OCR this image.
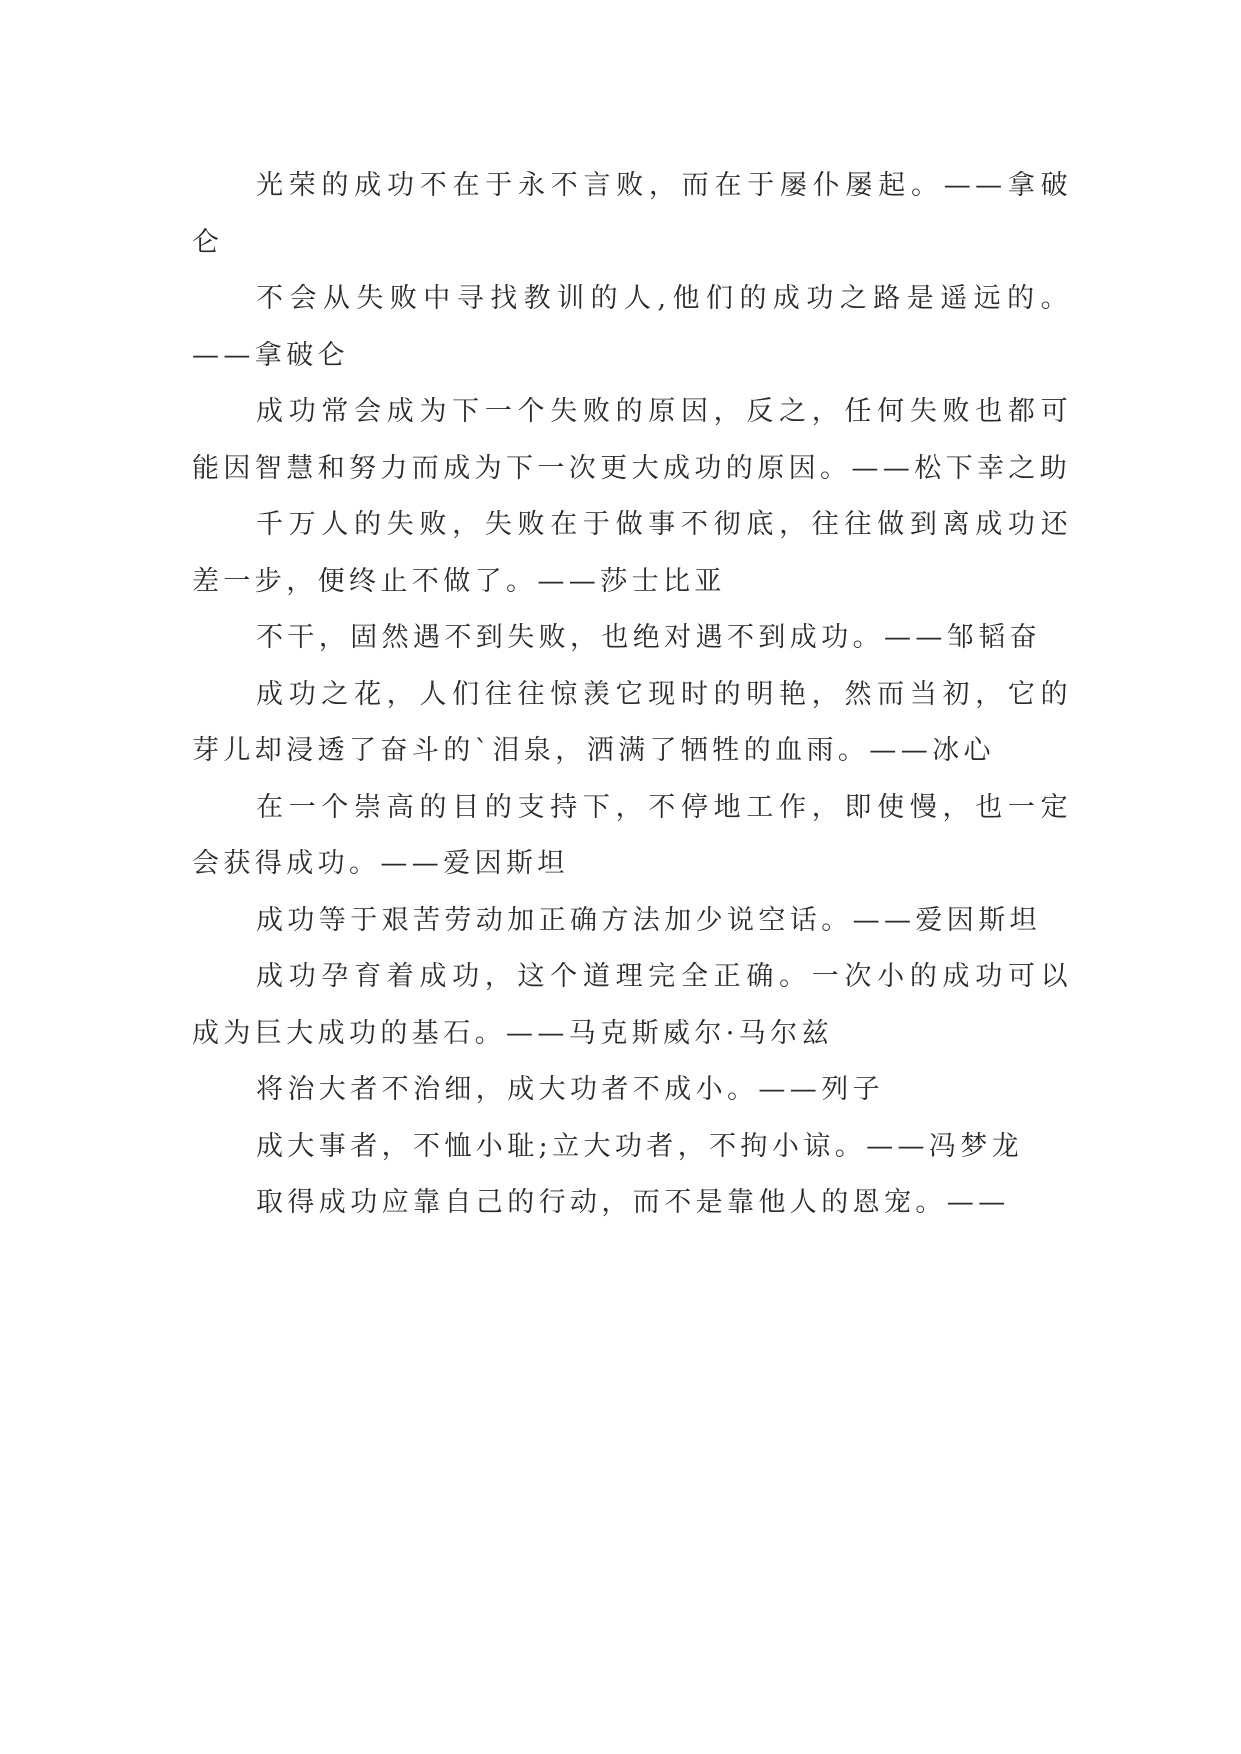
光荣的成功不在于永不言败，而在于屡仆屡起。——拿破仑

不会从失败中寻找教训的人,他们的成功之路是遥远的。——拿破仑

成功常会成为下一个失败的原因，反之，任何失败也都可能因智慧和努力而成为下一次更大成功的原因。——松下幸之助

千万人的失败，失败在于做事不彻底，往往做到离成功还差一步，便终止不做了。——莎士比亚

不干，固然遇不到失败，也绝对遇不到成功。——邹韬奋

成功之花，人们往往惊羡它现时的明艳，然而当初，它的芽儿却浸透了奋斗的`泪泉，洒满了牺牲的血雨。——冰心

在一个崇高的目的支持下，不停地工作，即使慢，也一定会获得成功。——爱因斯坦

成功等于艰苦劳动加正确方法加少说空话。——爱因斯坦

成功孕育着成功，这个道理完全正确。一次小的成功可以成为巨大成功的基石。——马克斯威尔·马尔兹

将治大者不治细，成大功者不成小。——列子

成大事者，不恤小耻;立大功者，不拘小谅。——冯梦龙

取得成功应靠自己的行动，而不是靠他人的恩宠。——
